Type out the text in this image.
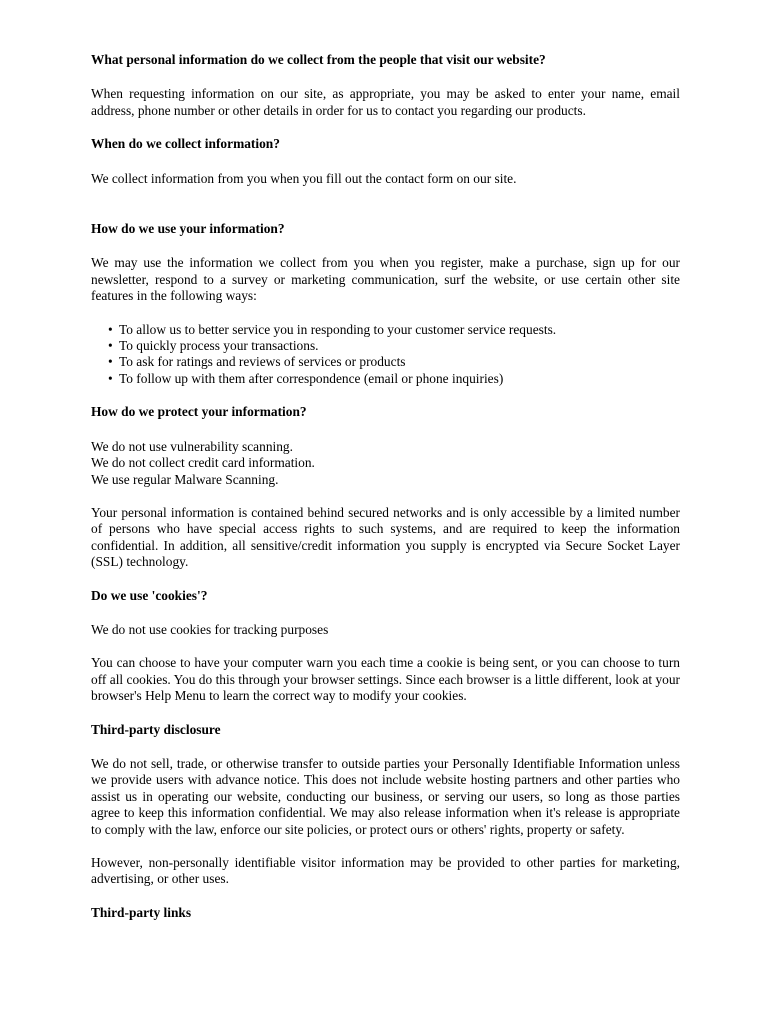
What personal information do we collect from the people that visit our website?

When requesting information on our site, as appropriate, you may be asked to enter your name, email address, phone number or other details in order for us to contact you regarding our products.

When do we collect information?

We collect information from you when you fill out the contact form on our site.

How do we use your information?

We may use the information we collect from you when you register, make a purchase, sign up for our newsletter, respond to a survey or marketing communication, surf the website, or use certain other site features in the following ways:

• To allow us to better service you in responding to your customer service requests.
• To quickly process your transactions.
• To ask for ratings and reviews of services or products
• To follow up with them after correspondence (email or phone inquiries)

How do we protect your information?

We do not use vulnerability scanning.
We do not collect credit card information.
We use regular Malware Scanning.

Your personal information is contained behind secured networks and is only accessible by a limited number of persons who have special access rights to such systems, and are required to keep the information confidential. In addition, all sensitive/credit information you supply is encrypted via Secure Socket Layer (SSL) technology.

Do we use 'cookies'?

We do not use cookies for tracking purposes

You can choose to have your computer warn you each time a cookie is being sent, or you can choose to turn off all cookies. You do this through your browser settings. Since each browser is a little different, look at your browser's Help Menu to learn the correct way to modify your cookies.

Third-party disclosure

We do not sell, trade, or otherwise transfer to outside parties your Personally Identifiable Information unless we provide users with advance notice. This does not include website hosting partners and other parties who assist us in operating our website, conducting our business, or serving our users, so long as those parties agree to keep this information confidential. We may also release information when it's release is appropriate to comply with the law, enforce our site policies, or protect ours or others' rights, property or safety.

However, non-personally identifiable visitor information may be provided to other parties for marketing, advertising, or other uses.

Third-party links
